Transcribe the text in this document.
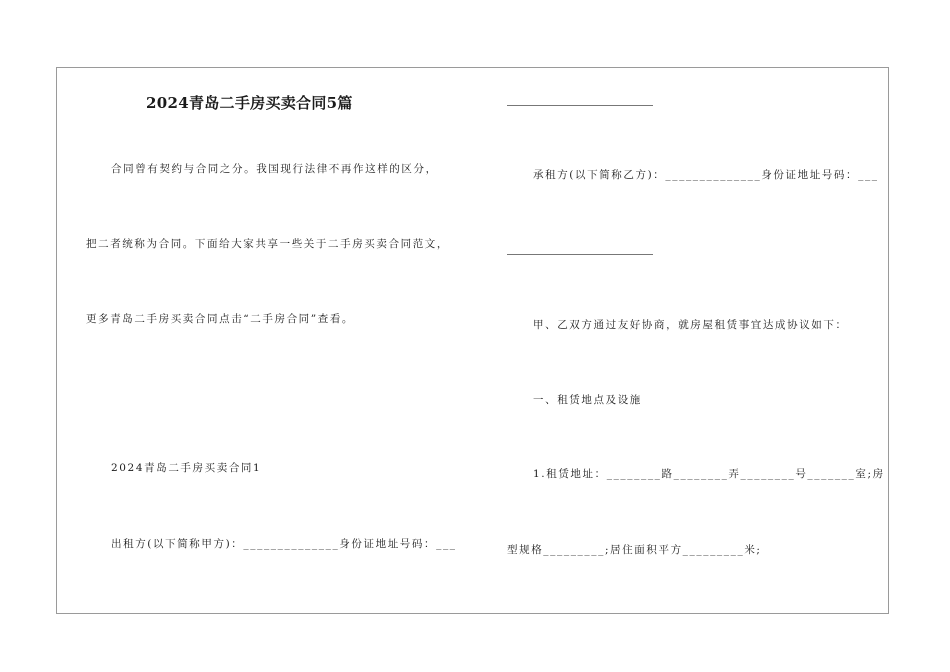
2024青岛二手房买卖合同5篇
合同曾有契约与合同之分。我国现行法律不再作这样的区分，
把二者统称为合同。下面给大家共享一些关于二手房买卖合同范文，
更多青岛二手房买卖合同点击“二手房合同”查看。
2024青岛二手房买卖合同1
出租方(以下简称甲方)：______________身份证地址号码：___
承租方(以下简称乙方)：______________身份证地址号码：___
甲、乙双方通过友好协商，就房屋租赁事宜达成协议如下：
一、租赁地点及设施
1.租赁地址：________路________弄________号_______室;房
型规格_________;居住面积平方_________米;
